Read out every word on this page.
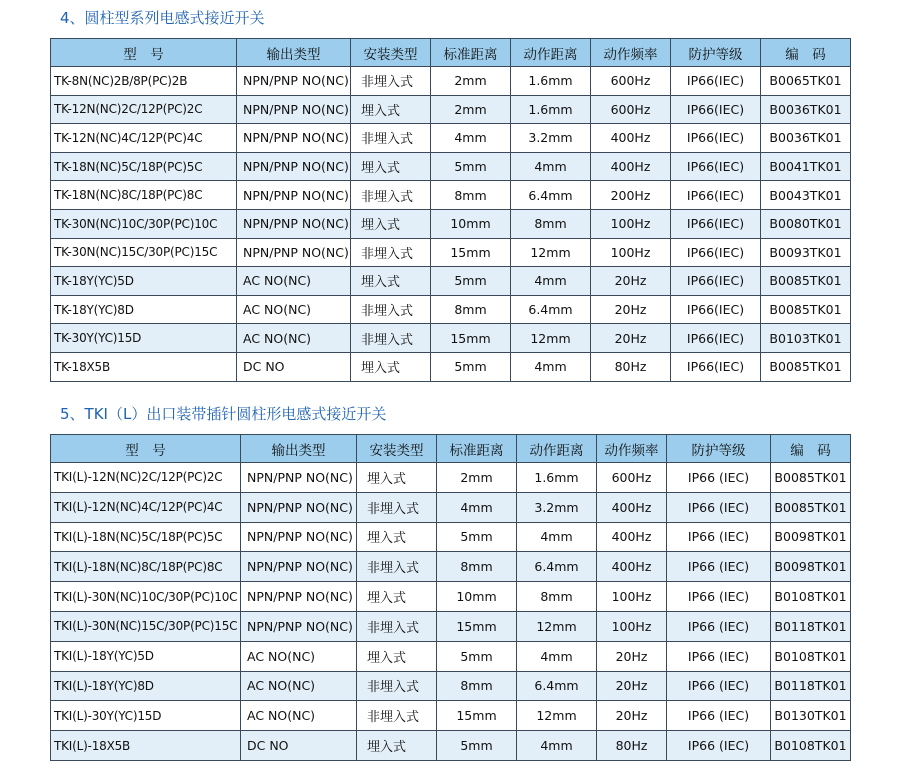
4、圆柱型系列电感式接近开关
型　号	输出类型	安装类型	标准距离	动作距离	动作频率	防护等级	编　码
TK-8N(NC)2B/8P(PC)2B	NPN/PNP NO(NC)	非埋入式	2mm	1.6mm	600Hz	IP66(IEC)	B0065TK01
TK-12N(NC)2C/12P(PC)2C	NPN/PNP NO(NC)	埋入式	2mm	1.6mm	600Hz	IP66(IEC)	B0036TK01
TK-12N(NC)4C/12P(PC)4C	NPN/PNP NO(NC)	非埋入式	4mm	3.2mm	400Hz	IP66(IEC)	B0036TK01
TK-18N(NC)5C/18P(PC)5C	NPN/PNP NO(NC)	埋入式	5mm	4mm	400Hz	IP66(IEC)	B0041TK01
TK-18N(NC)8C/18P(PC)8C	NPN/PNP NO(NC)	非埋入式	8mm	6.4mm	200Hz	IP66(IEC)	B0043TK01
TK-30N(NC)10C/30P(PC)10C	NPN/PNP NO(NC)	埋入式	10mm	8mm	100Hz	IP66(IEC)	B0080TK01
TK-30N(NC)15C/30P(PC)15C	NPN/PNP NO(NC)	非埋入式	15mm	12mm	100Hz	IP66(IEC)	B0093TK01
TK-18Y(YC)5D	AC NO(NC)	埋入式	5mm	4mm	20Hz	IP66(IEC)	B0085TK01
TK-18Y(YC)8D	AC NO(NC)	非埋入式	8mm	6.4mm	20Hz	IP66(IEC)	B0085TK01
TK-30Y(YC)15D	AC NO(NC)	非埋入式	15mm	12mm	20Hz	IP66(IEC)	B0103TK01
TK-18X5B	DC NO	埋入式	5mm	4mm	80Hz	IP66(IEC)	B0085TK01
5、TKI（L）出口装带插针圆柱形电感式接近开关
型　号	输出类型	安装类型	标准距离	动作距离	动作频率	防护等级	编　码
TKI(L)-12N(NC)2C/12P(PC)2C	NPN/PNP NO(NC)	埋入式	2mm	1.6mm	600Hz	IP66 (IEC)	B0085TK01
TKI(L)-12N(NC)4C/12P(PC)4C	NPN/PNP NO(NC)	非埋入式	4mm	3.2mm	400Hz	IP66 (IEC)	B0085TK01
TKI(L)-18N(NC)5C/18P(PC)5C	NPN/PNP NO(NC)	埋入式	5mm	4mm	400Hz	IP66 (IEC)	B0098TK01
TKI(L)-18N(NC)8C/18P(PC)8C	NPN/PNP NO(NC)	非埋入式	8mm	6.4mm	400Hz	IP66 (IEC)	B0098TK01
TKI(L)-30N(NC)10C/30P(PC)10C	NPN/PNP NO(NC)	埋入式	10mm	8mm	100Hz	IP66 (IEC)	B0108TK01
TKI(L)-30N(NC)15C/30P(PC)15C	NPN/PNP NO(NC)	非埋入式	15mm	12mm	100Hz	IP66 (IEC)	B0118TK01
TKI(L)-18Y(YC)5D	AC NO(NC)	埋入式	5mm	4mm	20Hz	IP66 (IEC)	B0108TK01
TKI(L)-18Y(YC)8D	AC NO(NC)	非埋入式	8mm	6.4mm	20Hz	IP66 (IEC)	B0118TK01
TKI(L)-30Y(YC)15D	AC NO(NC)	非埋入式	15mm	12mm	20Hz	IP66 (IEC)	B0130TK01
TKI(L)-18X5B	DC NO	埋入式	5mm	4mm	80Hz	IP66 (IEC)	B0108TK01
